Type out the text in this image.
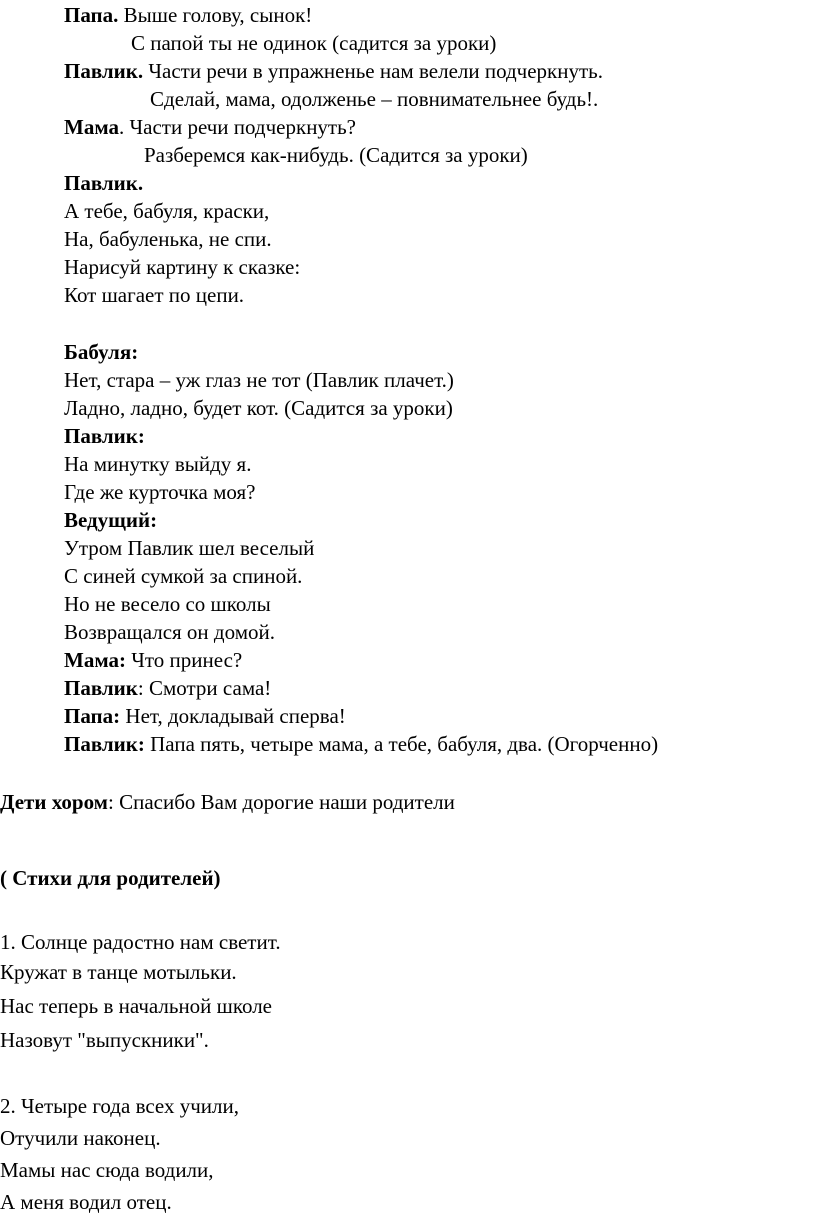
Папа. Выше голову, сынок!
С папой ты не одинок (садится за уроки)
Павлик. Части речи в упражненье нам велели подчеркнуть.
Сделай, мама, одолженье – повнимательнее будь!.
Мама. Части речи подчеркнуть?
Разберемся как-нибудь. (Садится за уроки)
Павлик.
А тебе, бабуля, краски,
На, бабуленька, не спи.
Нарисуй картину к сказке:
Кот шагает по цепи.
Бабуля:
Нет, стара – уж глаз не тот (Павлик плачет.)
Ладно, ладно, будет кот. (Садится за уроки)
Павлик:
На минутку выйду я.
Где же курточка моя?
Ведущий:
Утром Павлик шел веселый
С синей сумкой за спиной.
Но не весело со школы
Возвращался он домой.
Мама: Что принес?
Павлик: Смотри сама!
Папа: Нет, докладывай сперва!
Павлик: Папа пять, четыре мама, а тебе, бабуля, два. (Огорченно)
Дети хором: Спасибо Вам дорогие наши родители
( Стихи для родителей)
1. Солнце радостно нам светит.
Кружат в танце мотыльки.
Нас теперь в начальной школе
Назовут "выпускники".
2. Четыре года всех учили,
Отучили наконец.
Мамы нас сюда водили,
А меня водил отец.
